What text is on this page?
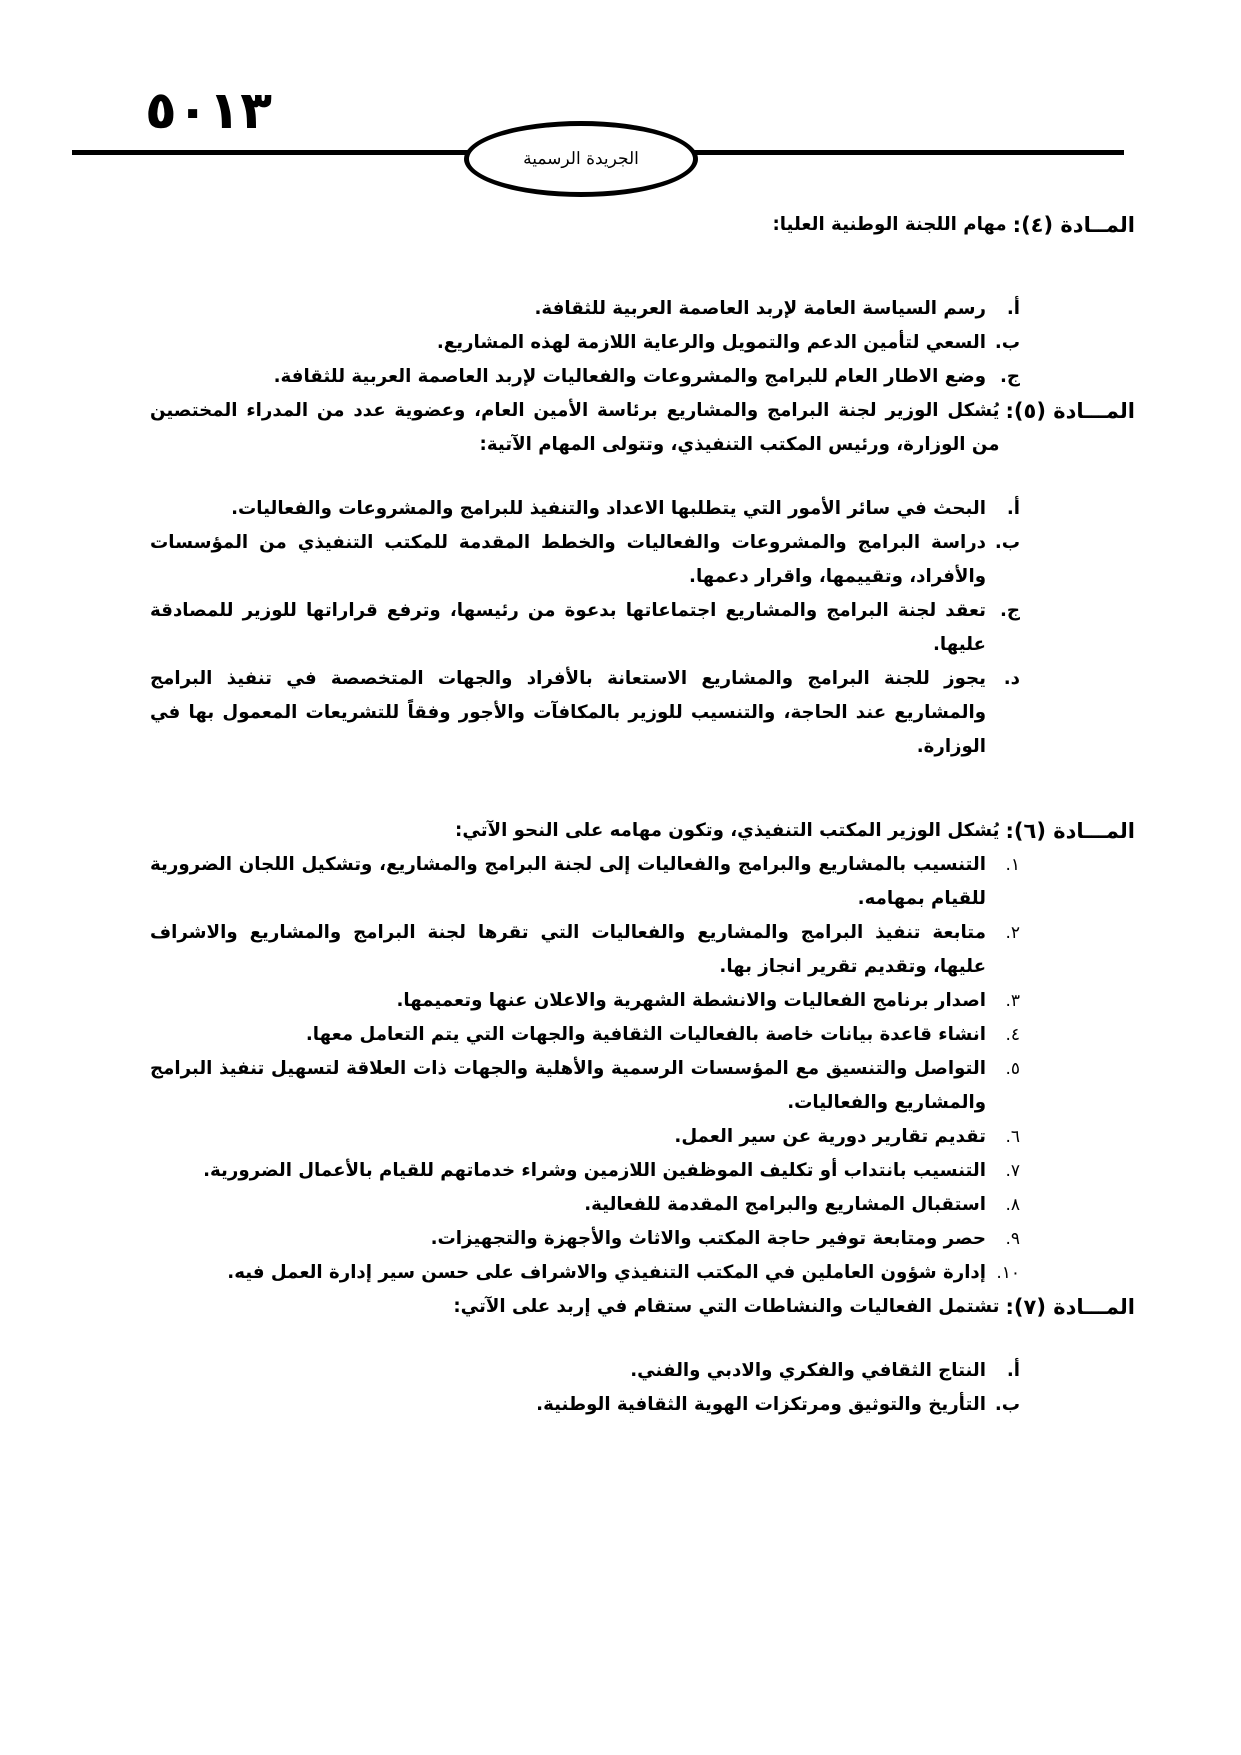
٥٠١٣
الجريدة الرسمية
المــادة (٤):
مهام اللجنة الوطنية العليا:
أ.
رسم السياسة العامة لإربد العاصمة العربية للثقافة.
ب.
السعي لتأمين الدعم والتمويل والرعاية اللازمة لهذه المشاريع.
ج.
وضع الاطار العام للبرامج والمشروعات والفعاليات لإربد العاصمة العربية للثقافة.
المـــادة (٥):
يُشكل الوزير لجنة البرامج والمشاريع برئاسة الأمين العام، وعضوية عدد من المدراء المختصين من الوزارة، ورئيس المكتب التنفيذي، وتتولى المهام الآتية:
أ.
البحث في سائر الأمور التي يتطلبها الاعداد والتنفيذ للبرامج والمشروعات والفعاليات.
ب.
دراسة البرامج والمشروعات والفعاليات والخطط المقدمة للمكتب التنفيذي من المؤسسات والأفراد، وتقييمها، واقرار دعمها.
ج.
تعقد لجنة البرامج والمشاريع اجتماعاتها بدعوة من رئيسها، وترفع قراراتها للوزير للمصادقة عليها.
د.
يجوز للجنة البرامج والمشاريع الاستعانة بالأفراد والجهات المتخصصة في تنفيذ البرامج والمشاريع عند الحاجة، والتنسيب للوزير بالمكافآت والأجور وفقاً للتشريعات المعمول بها في الوزارة.
المـــادة (٦):
يُشكل الوزير المكتب التنفيذي، وتكون مهامه على النحو الآتي:
١.
التنسيب بالمشاريع والبرامج والفعاليات إلى لجنة البرامج والمشاريع، وتشكيل اللجان الضرورية للقيام بمهامه.
٢.
متابعة تنفيذ البرامج والمشاريع والفعاليات التي تقرها لجنة البرامج والمشاريع والاشراف عليها، وتقديم تقرير انجاز بها.
٣.
اصدار برنامج الفعاليات والانشطة الشهرية والاعلان عنها وتعميمها.
٤.
انشاء قاعدة بيانات خاصة بالفعاليات الثقافية والجهات التي يتم التعامل معها.
٥.
التواصل والتنسيق مع المؤسسات الرسمية والأهلية والجهات ذات العلاقة لتسهيل تنفيذ البرامج والمشاريع والفعاليات.
٦.
تقديم تقارير دورية عن سير العمل.
٧.
التنسيب بانتداب أو تكليف الموظفين اللازمين وشراء خدماتهم للقيام بالأعمال الضرورية.
٨.
استقبال المشاريع والبرامج المقدمة للفعالية.
٩.
حصر ومتابعة توفير حاجة المكتب والاثاث والأجهزة والتجهيزات.
١٠.
إدارة شؤون العاملين في المكتب التنفيذي والاشراف على حسن سير إدارة العمل فيه.
المـــادة (٧):
تشتمل الفعاليات والنشاطات التي ستقام في إربد على الآتي:
أ.
النتاج الثقافي والفكري والادبي والفني.
ب.
التأريخ والتوثيق ومرتكزات الهوية الثقافية الوطنية.
